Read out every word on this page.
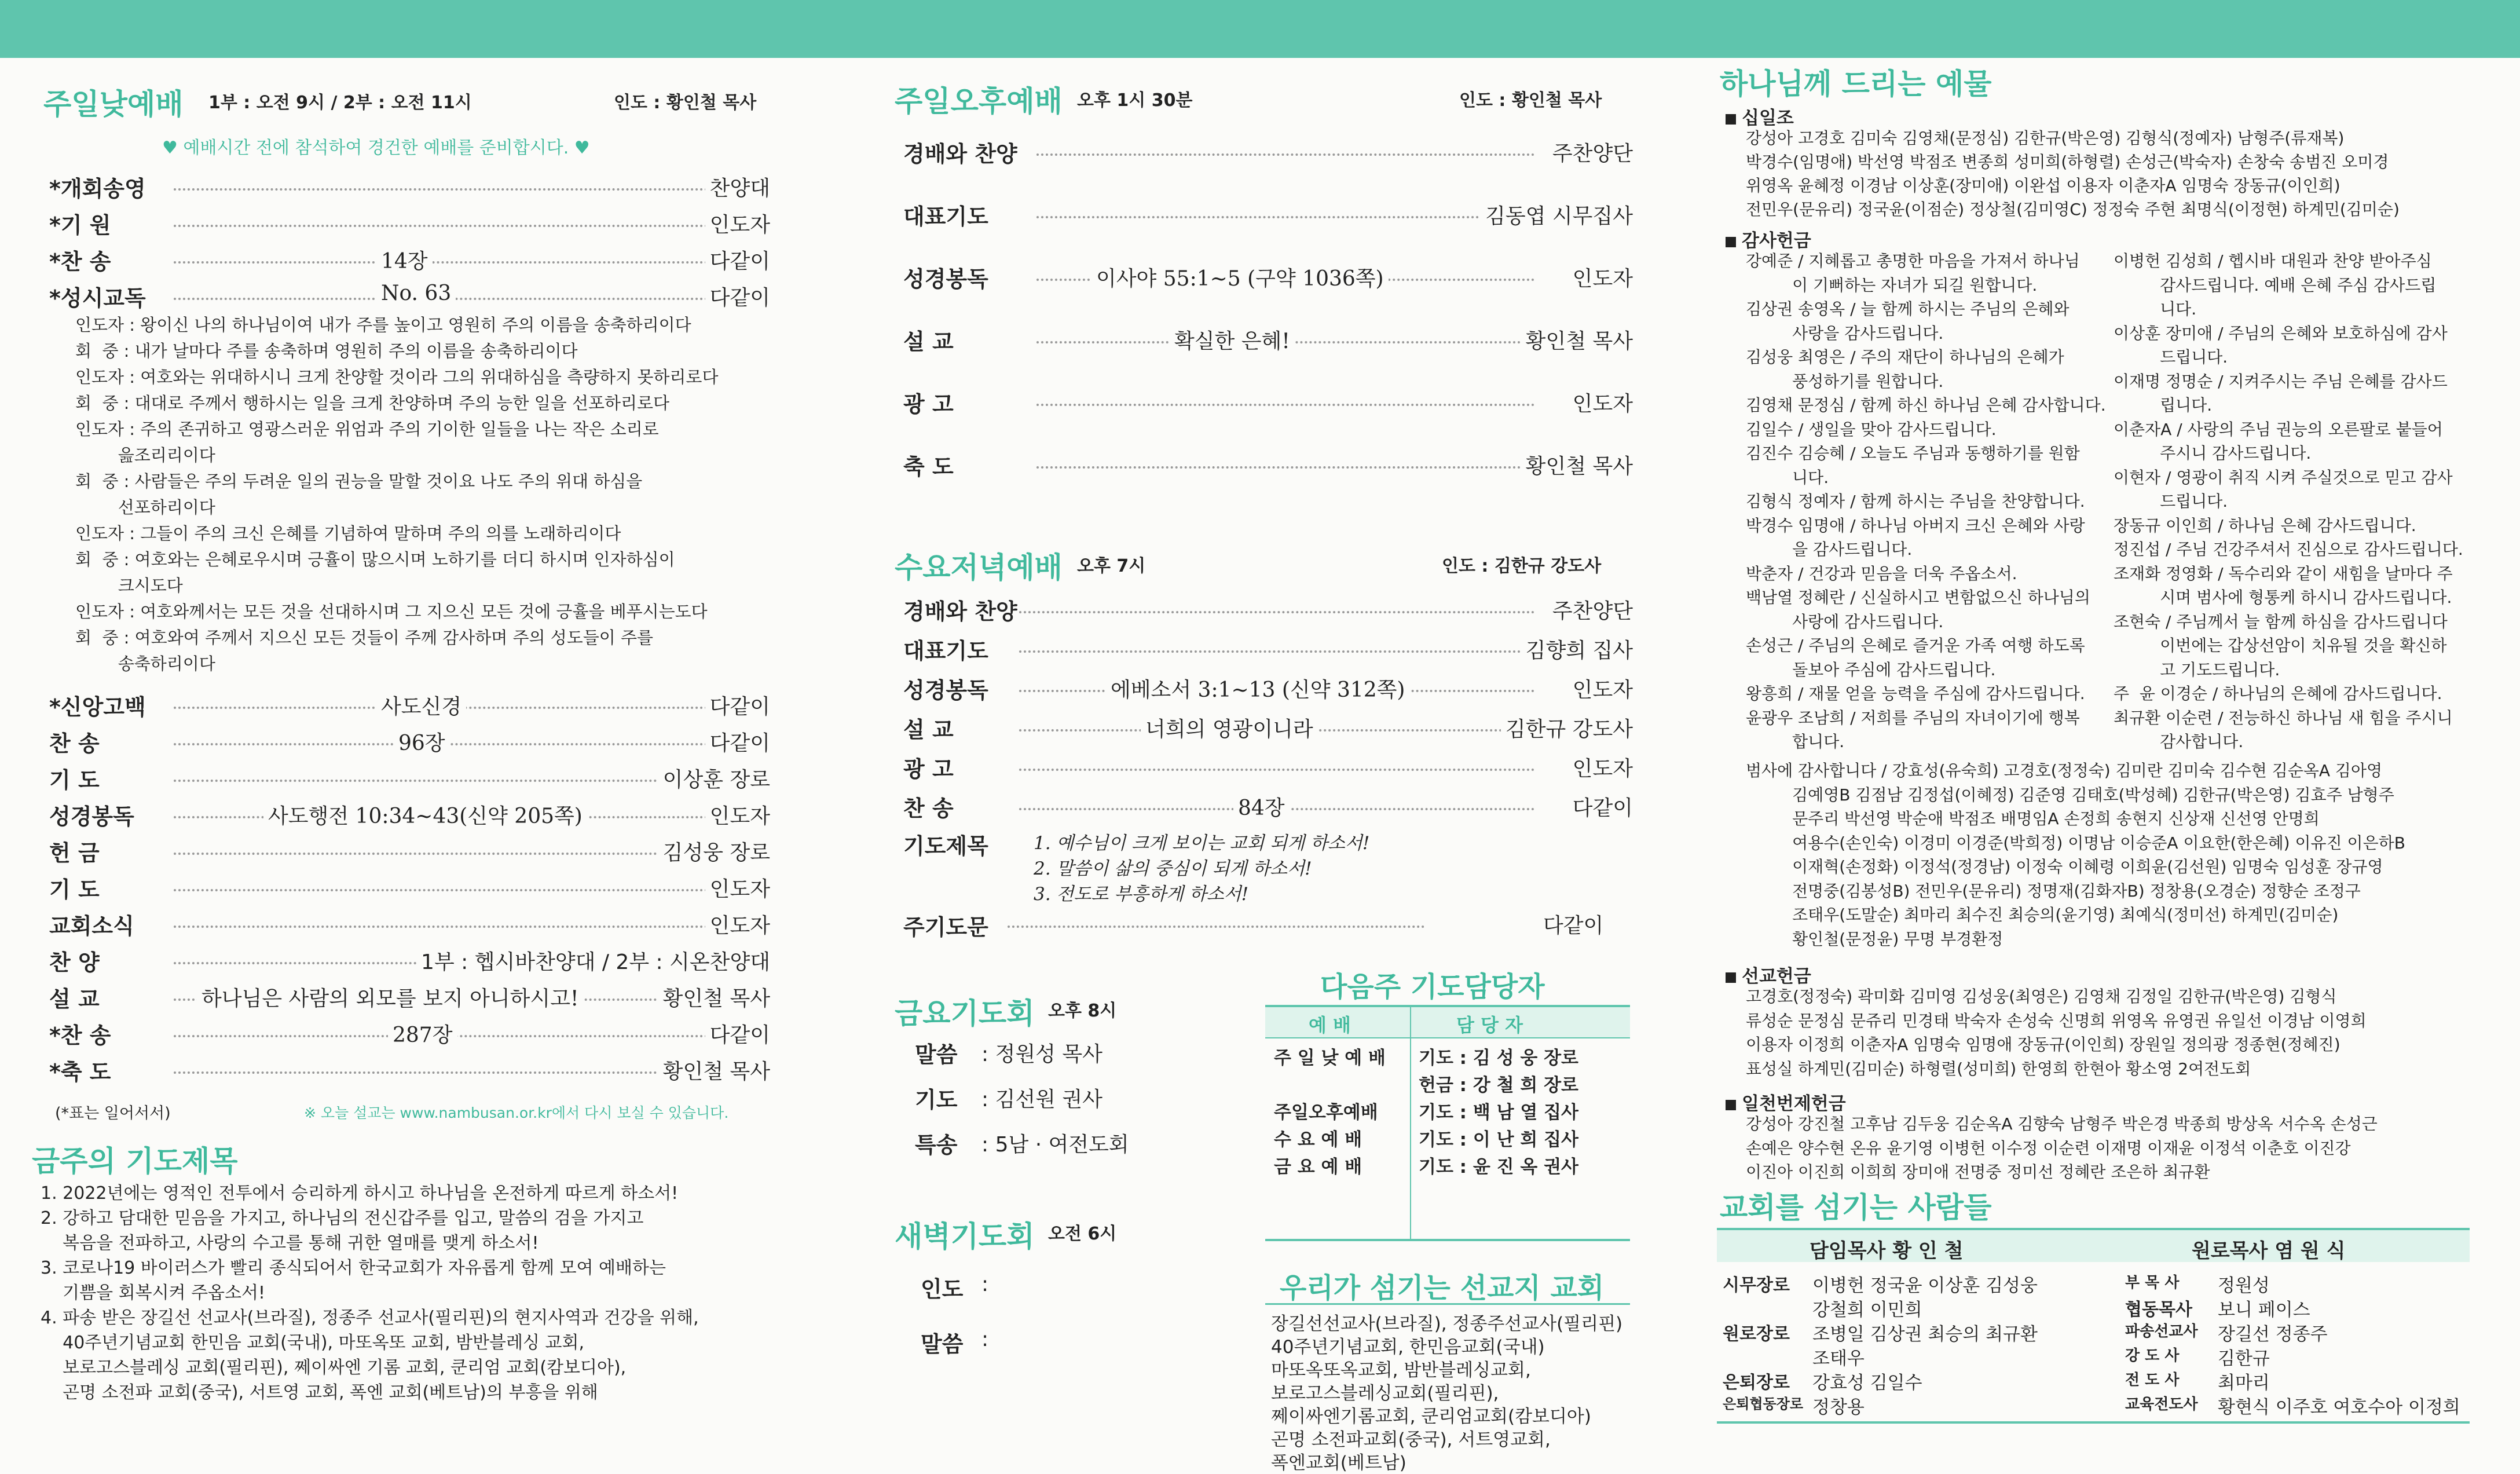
주일낮예배 1부 : 오전 9시 / 2부 : 오전 11시	인도 : 황인철 목사
♥ 예배시간 전에 참석하여 경건한 예배를 준비합시다. ♥
*개회송영	찬양대
*기 원	인도자
*찬 송	14장	다같이
*성시교독	No. 63	다같이
인도자 : 왕이신 나의 하나님이여 내가 주를 높이고 영원히 주의 이름을 송축하리이다
회  중 : 내가 날마다 주를 송축하며 영원히 주의 이름을 송축하리이다
인도자 : 여호와는 위대하시니 크게 찬양할 것이라 그의 위대하심을 측량하지 못하리로다
회  중 : 대대로 주께서 행하시는 일을 크게 찬양하며 주의 능한 일을 선포하리로다
인도자 : 주의 존귀하고 영광스러운 위엄과 주의 기이한 일들을 나는 작은 소리로
읊조리리이다
회  중 : 사람들은 주의 두려운 일의 권능을 말할 것이요 나도 주의 위대 하심을
선포하리이다
인도자 : 그들이 주의 크신 은혜를 기념하여 말하며 주의 의를 노래하리이다
회  중 : 여호와는 은혜로우시며 긍휼이 많으시며 노하기를 더디 하시며 인자하심이
크시도다
인도자 : 여호와께서는 모든 것을 선대하시며 그 지으신 모든 것에 긍휼을 베푸시는도다
회  중 : 여호와여 주께서 지으신 모든 것들이 주께 감사하며 주의 성도들이 주를
송축하리이다
*신앙고백	사도신경	다같이
찬 송	96장	다같이
기 도	이상훈 장로
성경봉독	사도행전 10:34~43(신약 205쪽)	인도자
헌 금	김성웅 장로
기 도	인도자
교회소식	인도자
찬 양	1부 : 헵시바찬양대 / 2부 : 시온찬양대
설 교	하나님은 사람의 외모를 보지 아니하시고!	황인철 목사
*찬 송	287장	다같이
*축 도	황인철 목사
(*표는 일어서서)	※ 오늘 설교는 www.nambusan.or.kr에서 다시 보실 수 있습니다.
금주의 기도제목
1. 2022년에는 영적인 전투에서 승리하게 하시고 하나님을 온전하게 따르게 하소서!
2. 강하고 담대한 믿음을 가지고, 하나님의 전신갑주를 입고, 말씀의 검을 가지고
복음을 전파하고, 사랑의 수고를 통해 귀한 열매를 맺게 하소서!
3. 코로나19 바이러스가 빨리 종식되어서 한국교회가 자유롭게 함께 모여 예배하는
기쁨을 회복시켜 주옵소서!
4. 파송 받은 장길선 선교사(브라질), 정종주 선교사(필리핀)의 현지사역과 건강을 위해,
40주년기념교회 한민음 교회(국내), 마또옥또 교회, 밤반블레싱 교회,
보로고스블레싱 교회(필리핀), 쩨이싸엔 기롬 교회, 쿤리엄 교회(캄보디아),
곤명 소전파 교회(중국), 서트영 교회, 폭엔 교회(베트남)의 부흥을 위해
주일오후예배 오후 1시 30분	인도 : 황인철 목사
경배와 찬양	주찬양단
대표기도	김동엽 시무집사
성경봉독	이사야 55:1~5 (구약 1036쪽)	인도자
설 교	확실한 은혜!	황인철 목사
광 고	인도자
축 도	황인철 목사
수요저녁예배 오후 7시	인도 : 김한규 강도사
경배와 찬양	주찬양단
대표기도	김향희 집사
성경봉독	에베소서 3:1~13 (신약 312쪽)	인도자
설 교	너희의 영광이니라	김한규 강도사
광 고	인도자
찬 송	84장	다같이
기도제목	1. 예수님이 크게 보이는 교회 되게 하소서!
2. 말씀이 삶의 중심이 되게 하소서!
3. 전도로 부흥하게 하소서!
주기도문	다같이
금요기도회 오후 8시
말씀 : 정원성 목사
기도 : 김선원 권사
특송 : 5남 · 여전도회
새벽기도회 오전 6시
인도 :
말씀 :
다음주 기도담당자
예 배	담 당 자
주 일 낮 예 배 기도 : 김 성 웅 장로
헌금 : 강 철 희 장로
주일오후예배 기도 : 백 남 열 집사
수 요 예 배	기도 : 이 난 희 집사
금 요 예 배	기도 : 윤 진 옥 권사
우리가 섬기는 선교지 교회
장길선선교사(브라질), 정종주선교사(필리핀)
40주년기념교회, 한민음교회(국내)
마또옥또옥교회, 밤반블레싱교회,
보로고스블레싱교회(필리핀),
쩨이싸엔기롬교회, 쿤리엄교회(캄보디아)
곤명 소전파교회(중국), 서트영교회,
폭엔교회(베트남)
하나님께 드리는 예물
십일조
강성아 고경호 김미숙 김영채(문정심) 김한규(박은영) 김형식(정예자) 남형주(류재복)
박경수(임명애) 박선영 박점조 변종희 성미희(하형렬) 손성근(박숙자) 손창숙 송범진 오미경
위영옥 윤혜정 이경남 이상훈(장미애) 이완섭 이용자 이춘자A 임명숙 장동규(이인희)
전민우(문유리) 정국윤(이점순) 정상철(김미영C) 정정숙 주현 최명식(이정현) 하계민(김미순)
감사헌금
강예준 / 지혜롭고 총명한 마음을 가져서 하나님
이 기뻐하는 자녀가 되길 원합니다.
김상권 송영옥 / 늘 함께 하시는 주님의 은혜와
사랑을 감사드립니다.
김성웅 최영은 / 주의 재단이 하나님의 은혜가
풍성하기를 원합니다.
김영채 문정심 / 함께 하신 하나님 은혜 감사합니다.
김일수 / 생일을 맞아 감사드립니다.
김진수 김승혜 / 오늘도 주님과 동행하기를 원함
니다.
김형식 정예자 / 함께 하시는 주님을 찬양합니다.
박경수 임명애 / 하나님 아버지 크신 은혜와 사랑
을 감사드립니다.
박춘자 / 건강과 믿음을 더욱 주옵소서.
백남열 정혜란 / 신실하시고 변함없으신 하나님의
사랑에 감사드립니다.
손성근 / 주님의 은혜로 즐거운 가족 여행 하도록
돌보아 주심에 감사드립니다.
왕흥희 / 재물 얻을 능력을 주심에 감사드립니다.
윤광우 조남희 / 저희를 주님의 자녀이기에 행복
합니다.
이병헌 김성희 / 헵시바 대원과 찬양 받아주심
감사드립니다. 예배 은혜 주심 감사드립
니다.
이상훈 장미애 / 주님의 은혜와 보호하심에 감사
드립니다.
이재명 정명순 / 지켜주시는 주님 은혜를 감사드
립니다.
이춘자A / 사랑의 주님 권능의 오른팔로 붙들어
주시니 감사드립니다.
이현자 / 영광이 취직 시켜 주실것으로 믿고 감사
드립니다.
장동규 이인희 / 하나님 은혜 감사드립니다.
정진섭 / 주님 건강주셔서 진심으로 감사드립니다.
조재화 정영화 / 독수리와 같이 새힘을 날마다 주
시며 범사에 형통케 하시니 감사드립니다.
조현숙 / 주님께서 늘 함께 하심을 감사드립니다
이번에는 갑상선암이 치유될 것을 확신하
고 기도드립니다.
주  윤 이경순 / 하나님의 은혜에 감사드립니다.
최규환 이순련 / 전능하신 하나님 새 힘을 주시니
감사합니다.
범사에 감사합니다 / 강효성(유숙희) 고경호(정정숙) 김미란 김미숙 김수현 김순옥A 김아영
김예영B 김점남 김정섭(이혜정) 김준영 김태호(박성혜) 김한규(박은영) 김효주 남형주
문주리 박선영 박순애 박점조 배명임A 손정희 송현지 신상재 신선영 안명희
여용수(손인숙) 이경미 이경준(박희정) 이명남 이승준A 이요한(한은혜) 이유진 이은하B
이재혁(손정화) 이정석(정경남) 이정숙 이혜령 이희윤(김선원) 임명숙 임성훈 장규영
전명중(김봉성B) 전민우(문유리) 정명재(김화자B) 정창용(오경순) 정향순 조정구
조태우(도말순) 최마리 최수진 최승의(윤기영) 최예식(정미선) 하계민(김미순)
황인철(문정윤) 무명 부경환정
선교헌금
고경호(정정숙) 곽미화 김미영 김성웅(최영은) 김영채 김정일 김한규(박은영) 김형식
류성순 문정심 문쥬리 민경태 박숙자 손성숙 신명희 위영옥 유영권 유일선 이경남 이영희
이용자 이정희 이춘자A 임명숙 임명애 장동규(이인희) 장원일 정의광 정종현(정혜진)
표성실 하계민(김미순) 하형렬(성미희) 한영희 한현아 황소영 2여전도회
일천번제헌금
강성아 강진철 고후남 김두웅 김순옥A 김향숙 남형주 박은경 박종희 방상옥 서수옥 손성근
손예은 양수현 온유 윤기영 이병헌 이수정 이순련 이재명 이재윤 이정석 이춘호 이진강
이진아 이진희 이희희 장미애 전명중 정미선 정혜란 조은하 최규환
교회를 섬기는 사람들
담임목사 황 인 철	원로목사 염 원 식
시무장로 이병헌 정국윤 이상훈 김성웅
강철희 이민희
원로장로 조병일 김상권 최승의 최규환
조태우
은퇴장로 강효성 김일수
은퇴협동장로 정창용
부 목 사 정원성
협동목사 보니 페이스
파송선교사 장길선 정종주
강 도 사 김한규
전 도 사 최마리
교육전도사 황현식 이주호 여호수아 이정희
